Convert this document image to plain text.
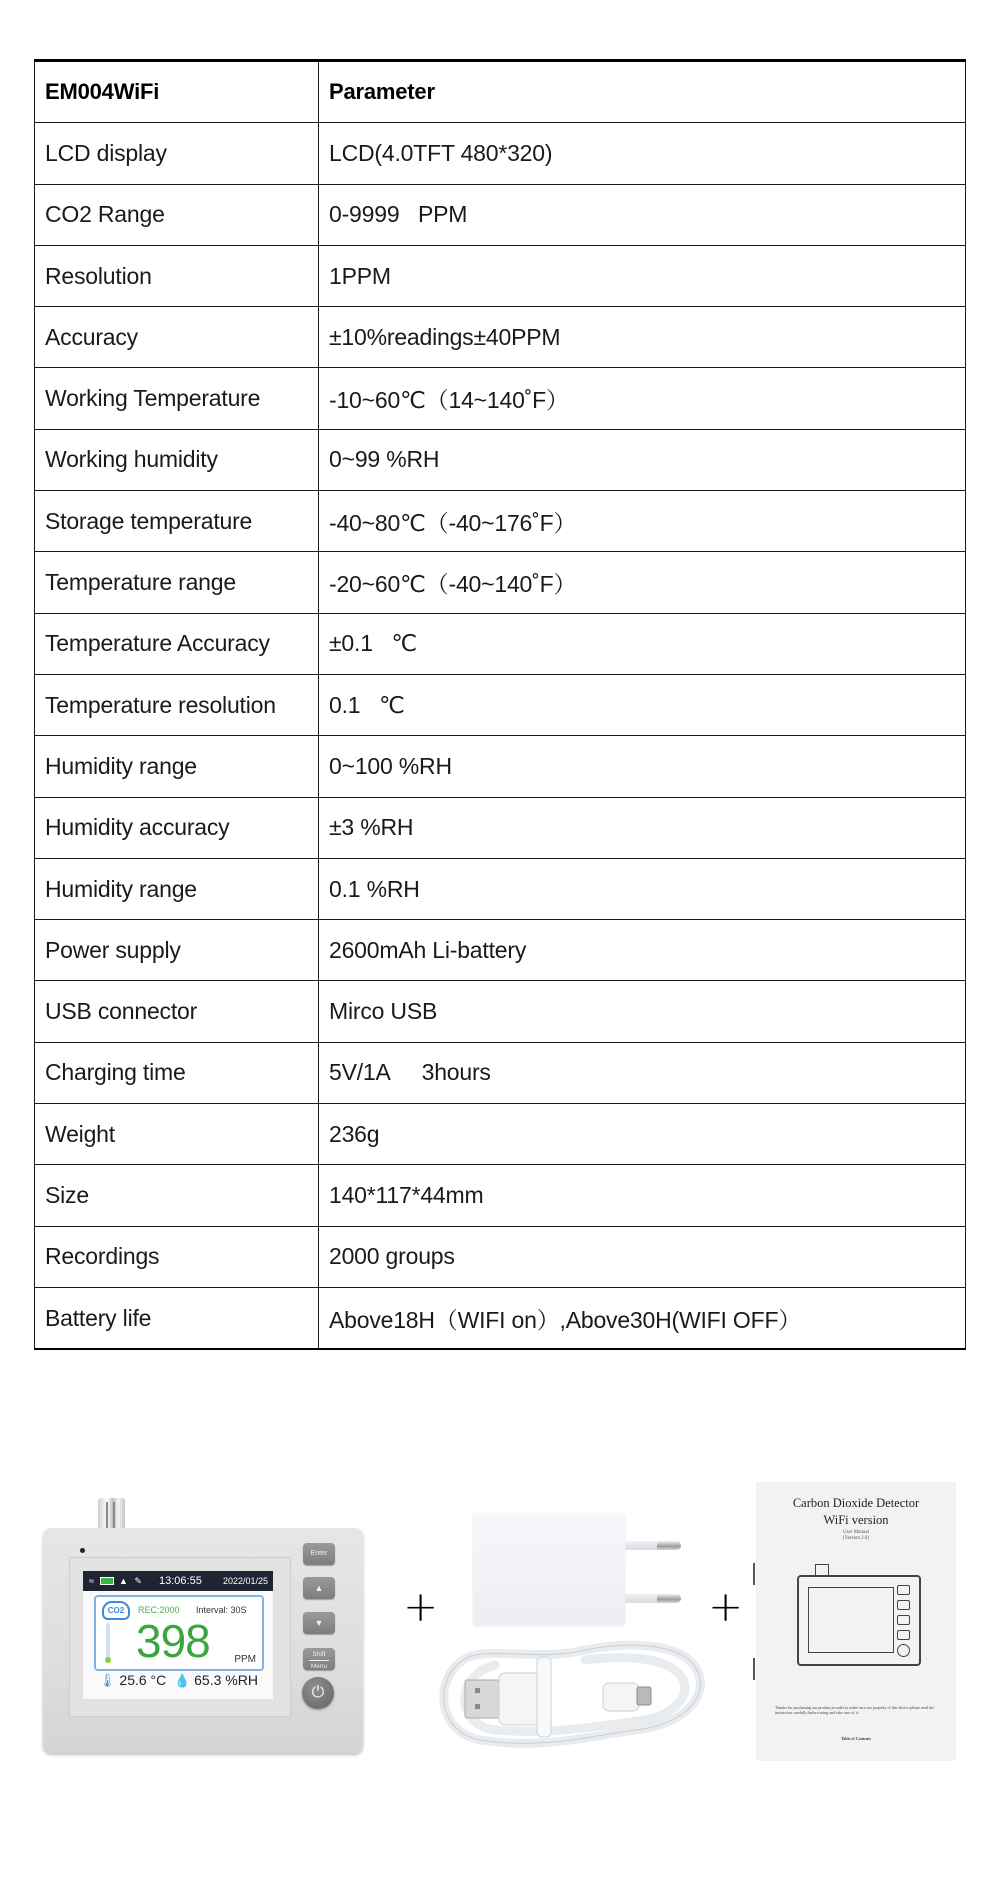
EM004WiFi	Parameter
LCD display	LCD(4.0TFT 480*320)
CO2 Range	0-9999   PPM
Resolution	1PPM
Accuracy	±10%readings±40PPM
Working Temperature	-10~60℃（14~140˚F）
Working humidity	0~99 %RH
Storage temperature	-40~80℃（-40~176˚F）
Temperature range	-20~60℃（-40~140˚F）
Temperature Accuracy	±0.1   ℃
Temperature resolution	0.1   ℃
Humidity range	0~100 %RH
Humidity accuracy	±3 %RH
Humidity range	0.1 %RH
Power supply	2600mAh Li-battery
USB connector	Mirco USB
Charging time	5V/1A     3hours
Weight	236g
Size	140*117*44mm
Recordings	2000 groups
Battery life	Above18H（WIFI on）,Above30H(WIFI OFF）
≈	▲ ✎	13:06:55 2022/01/25
CO2	REC:2000 Interval: 30S
398 PPM
🌡 25.6 °C 💧 65.3 %RH
Enter
▲
▼
Shift
Menu
⏻
+	+
Carbon Dioxide Detector
WiFi version
User Manual
(Version 2.0)
Thanks for purchasing our product,in order to make sure use properly of this device,please read the instruction carefully before using and take care of it.
Table of Contents
